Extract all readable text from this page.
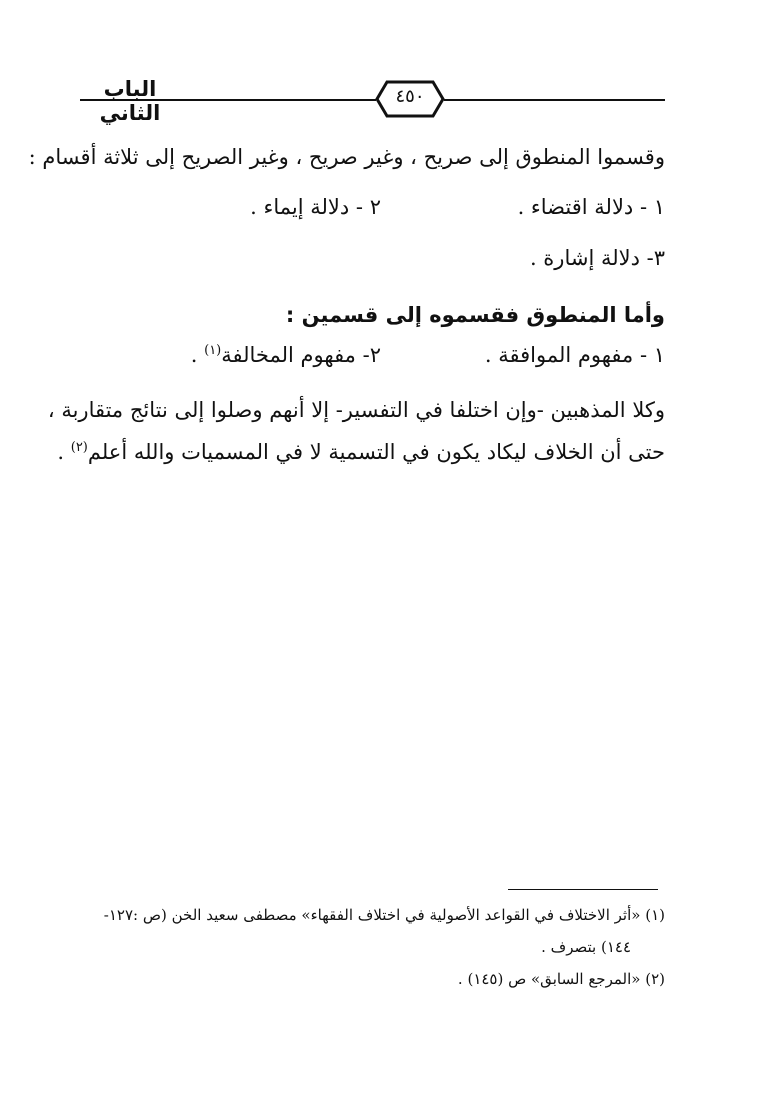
الباب الثاني
٤٥٠
وقسموا المنطوق إلى صريح ، وغير صريح ، وغير الصريح إلى ثلاثة أقسام :
١ - دلالة اقتضاء .
٢ - دلالة إيماء .
٣- دلالة إشارة .
وأما المنطوق فقسموه إلى قسمين :
١ - مفهوم الموافقة .
٢- مفهوم المخالفة$^{(١)}$ .
وكلا المذهبين -وإن اختلفا في التفسير- إلا أنهم وصلوا إلى نتائج متقاربة ،
حتى أن الخلاف ليكاد يكون في التسمية لا في المسميات والله أعلم$^{(٢)}$ .
(١) «أثر الاختلاف في القواعد الأصولية في اختلاف الفقهاء» مصطفى سعيد الخن (ص :١٢٧-
١٤٤) بتصرف .
(٢) «المرجع السابق» ص (١٤٥) .
